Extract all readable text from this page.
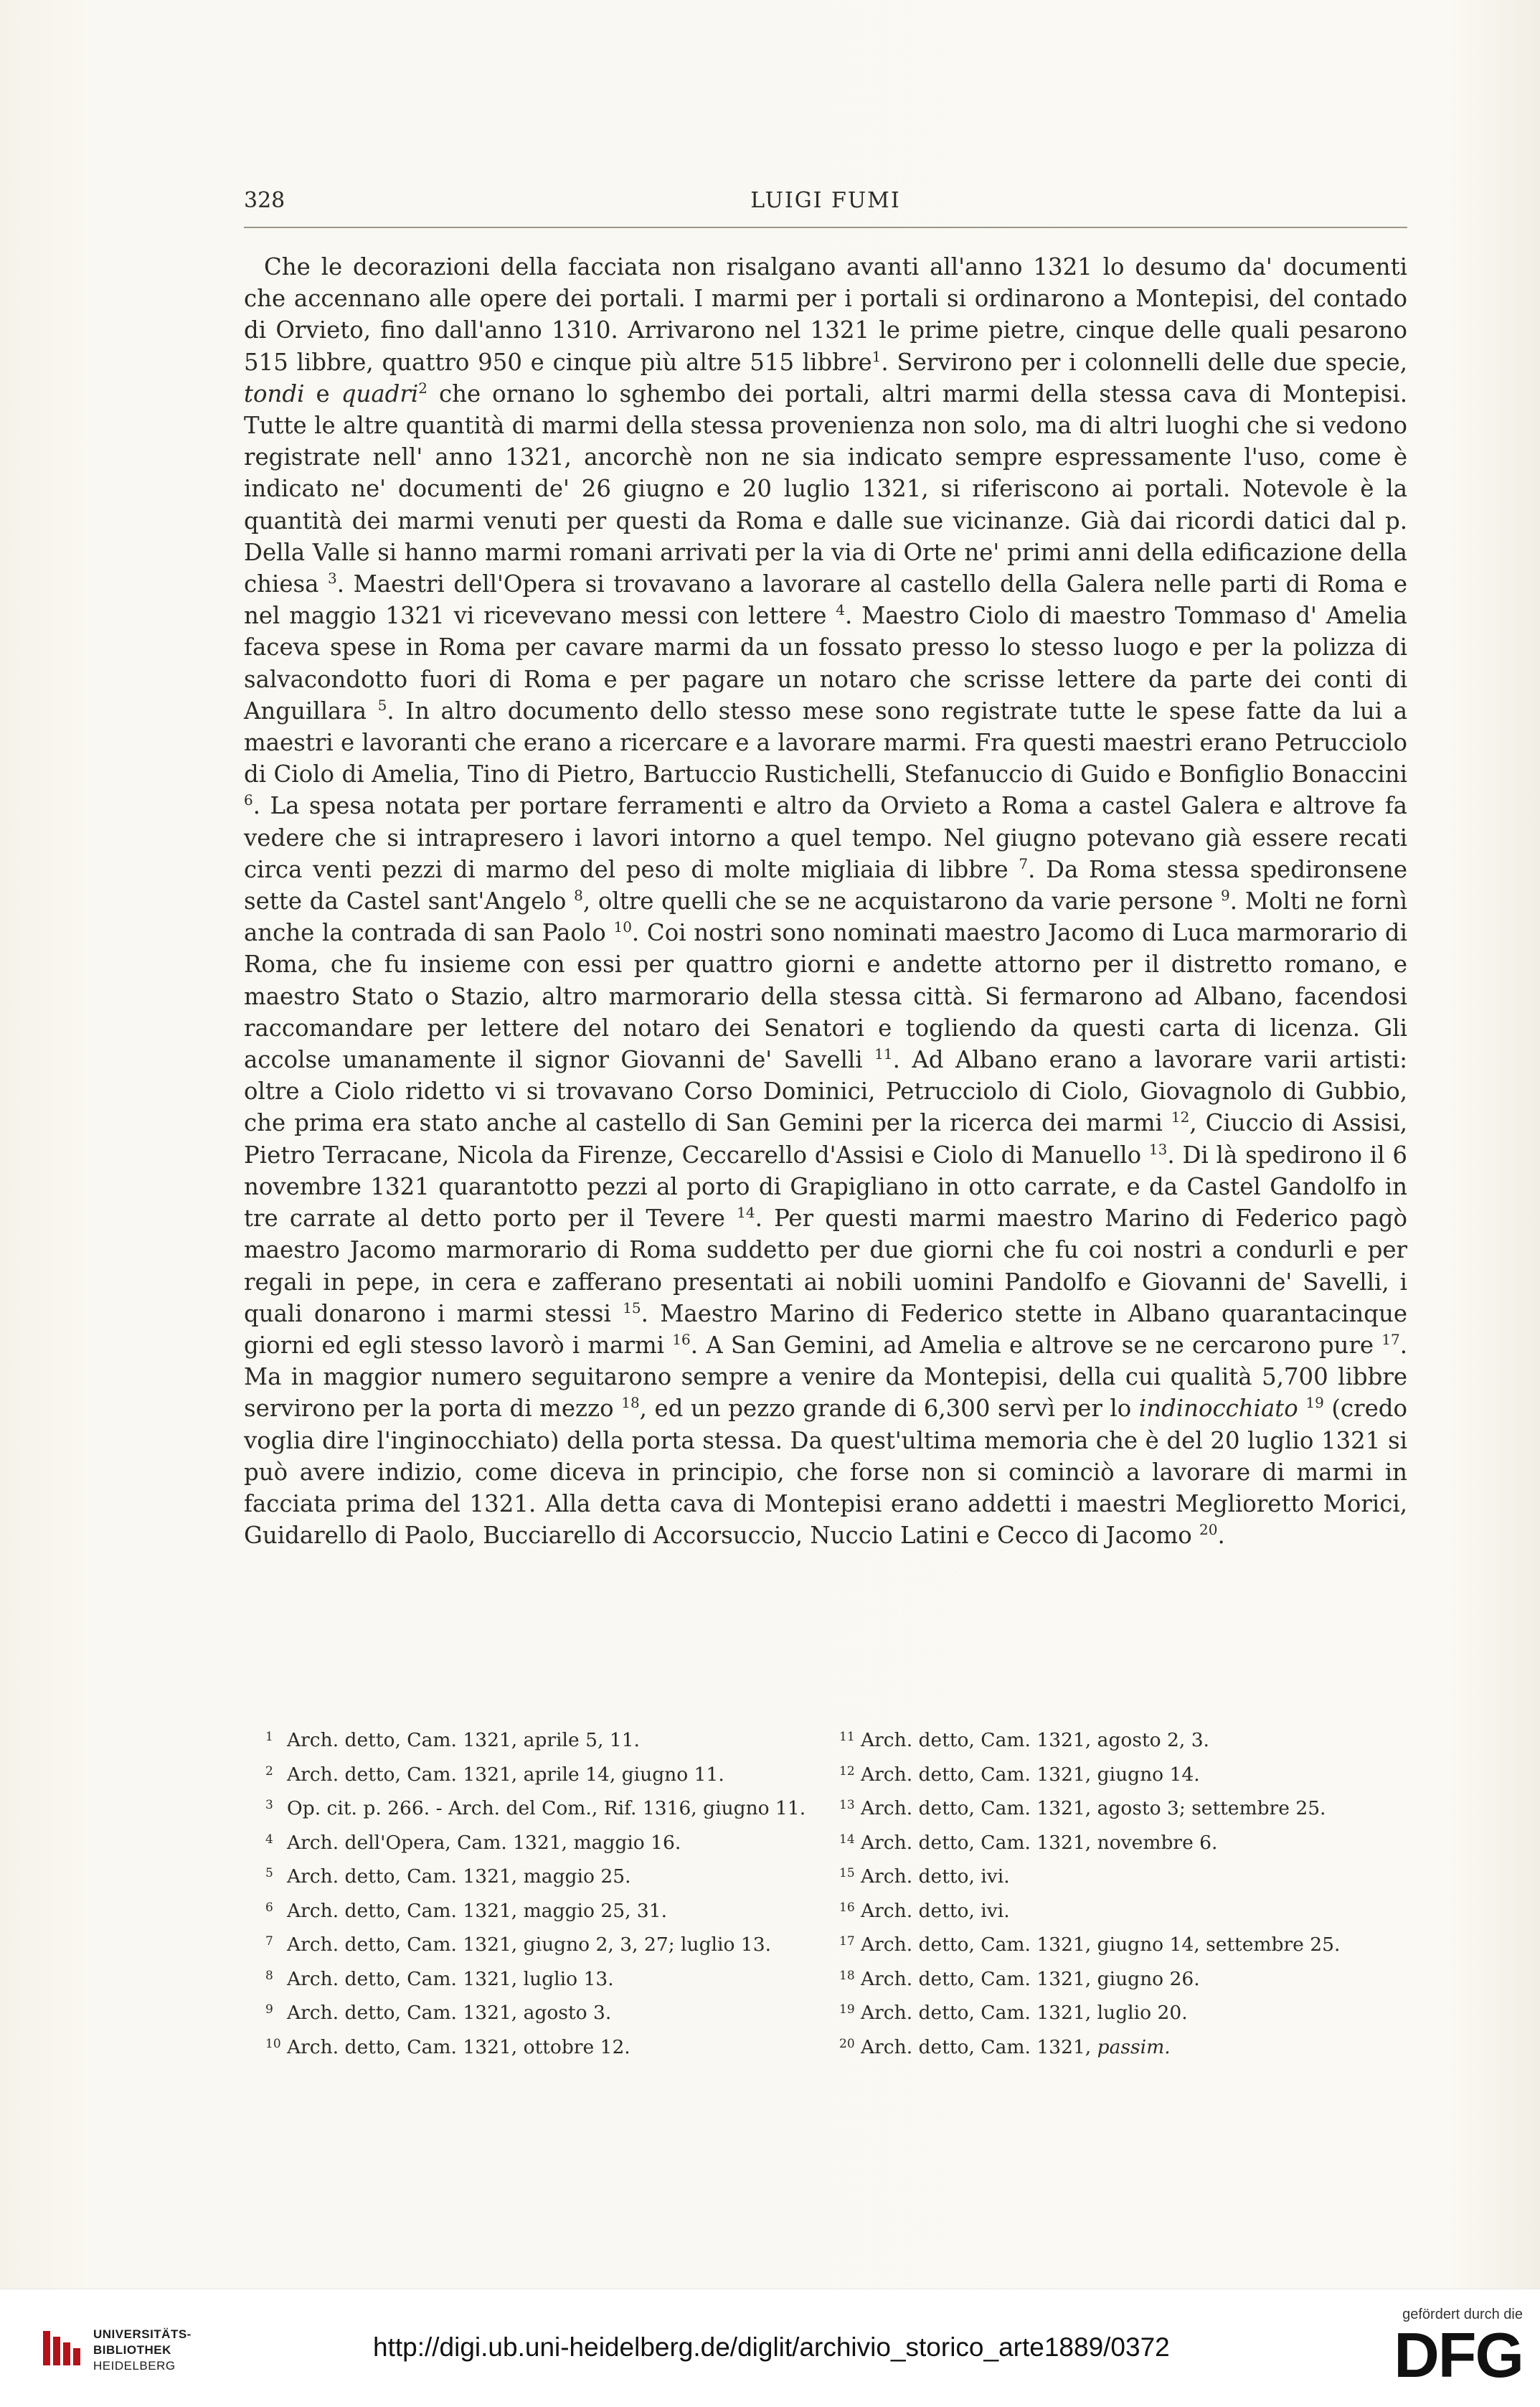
328	LUIGI FUMI

Che le decorazioni della facciata non risalgano avanti all'anno 1321 lo desumo da' documenti che accennano alle opere dei portali. I marmi per i portali si ordinarono a Montepisi, del contado di Orvieto, fino dall'anno 1310. Arrivarono nel 1321 le prime pietre, cinque delle quali pesarono 515 libbre, quattro 950 e cinque più altre 515 libbre$^1$. Servirono per i colonnelli delle due specie, tondi e quadri$^2$ che ornano lo sghembo dei portali, altri marmi della stessa cava di Montepisi. Tutte le altre quantità di marmi della stessa provenienza non solo, ma di altri luoghi che si vedono registrate nell' anno 1321, ancorchè non ne sia indicato sempre espressamente l'uso, come è indicato ne' documenti de' 26 giugno e 20 luglio 1321, si riferiscono ai portali. Notevole è la quantità dei marmi venuti per questi da Roma e dalle sue vicinanze. Già dai ricordi datici dal p. Della Valle si hanno marmi romani arrivati per la via di Orte ne' primi anni della edificazione della chiesa $^3$. Maestri dell'Opera si trovavano a lavorare al castello della Galera nelle parti di Roma e nel maggio 1321 vi ricevevano messi con lettere $^4$. Maestro Ciolo di maestro Tommaso d' Amelia faceva spese in Roma per cavare marmi da un fossato presso lo stesso luogo e per la polizza di salvacondotto fuori di Roma e per pagare un notaro che scrisse lettere da parte dei conti di Anguillara $^5$. In altro documento dello stesso mese sono registrate tutte le spese fatte da lui a maestri e lavoranti che erano a ricercare e a lavorare marmi. Fra questi maestri erano Petrucciolo di Ciolo di Amelia, Tino di Pietro, Bartuccio Rustichelli, Stefanuccio di Guido e Bonfiglio Bonaccini $^6$. La spesa notata per portare ferramenti e altro da Orvieto a Roma a castel Galera e altrove fa vedere che si intrapresero i lavori intorno a quel tempo. Nel giugno potevano già essere recati circa venti pezzi di marmo del peso di molte migliaia di libbre $^7$. Da Roma stessa spedironsene sette da Castel sant'Angelo $^8$, oltre quelli che se ne acquistarono da varie persone $^9$. Molti ne fornì anche la contrada di san Paolo $^{10}$. Coi nostri sono nominati maestro Jacomo di Luca marmorario di Roma, che fu insieme con essi per quattro giorni e andette attorno per il distretto romano, e maestro Stato o Stazio, altro marmorario della stessa città. Si fermarono ad Albano, facendosi raccomandare per lettere del notaro dei Senatori e togliendo da questi carta di licenza. Gli accolse umanamente il signor Giovanni de' Savelli $^{11}$. Ad Albano erano a lavorare varii artisti: oltre a Ciolo ridetto vi si trovavano Corso Dominici, Petrucciolo di Ciolo, Giovagnolo di Gubbio, che prima era stato anche al castello di San Gemini per la ricerca dei marmi $^{12}$, Ciuccio di Assisi, Pietro Terracane, Nicola da Firenze, Ceccarello d'Assisi e Ciolo di Manuello $^{13}$. Di là spedirono il 6 novembre 1321 quarantotto pezzi al porto di Grapigliano in otto carrate, e da Castel Gandolfo in tre carrate al detto porto per il Tevere $^{14}$. Per questi marmi maestro Marino di Federico pagò maestro Jacomo marmorario di Roma suddetto per due giorni che fu coi nostri a condurli e per regali in pepe, in cera e zafferano presentati ai nobili uomini Pandolfo e Giovanni de' Savelli, i quali donarono i marmi stessi $^{15}$. Maestro Marino di Federico stette in Albano quarantacinque giorni ed egli stesso lavorò i marmi $^{16}$. A San Gemini, ad Amelia e altrove se ne cercarono pure $^{17}$. Ma in maggior numero seguitarono sempre a venire da Montepisi, della cui qualità 5,700 libbre servirono per la porta di mezzo $^{18}$, ed un pezzo grande di 6,300 servì per lo indinocchiato $^{19}$ (credo voglia dire l'inginocchiato) della porta stessa. Da quest'ultima memoria che è del 20 luglio 1321 si può avere indizio, come diceva in principio, che forse non si cominciò a lavorare di marmi in facciata prima del 1321. Alla detta cava di Montepisi erano addetti i maestri Meglioretto Morici, Guidarello di Paolo, Bucciarello di Accorsuccio, Nuccio Latini e Cecco di Jacomo $^{20}$.

1 Arch. detto, Cam. 1321, aprile 5, 11.
2 Arch. detto, Cam. 1321, aprile 14, giugno 11.
3 Op. cit. p. 266. - Arch. del Com., Rif. 1316, giugno 11.
4 Arch. dell'Opera, Cam. 1321, maggio 16.
5 Arch. detto, Cam. 1321, maggio 25.
6 Arch. detto, Cam. 1321, maggio 25, 31.
7 Arch. detto, Cam. 1321, giugno 2, 3, 27; luglio 13.
8 Arch. detto, Cam. 1321, luglio 13.
9 Arch. detto, Cam. 1321, agosto 3.
10 Arch. detto, Cam. 1321, ottobre 12.
11 Arch. detto, Cam. 1321, agosto 2, 3.
12 Arch. detto, Cam. 1321, giugno 14.
13 Arch. detto, Cam. 1321, agosto 3; settembre 25.
14 Arch. detto, Cam. 1321, novembre 6.
15 Arch. detto, ivi.
16 Arch. detto, ivi.
17 Arch. detto, Cam. 1321, giugno 14, settembre 25.
18 Arch. detto, Cam. 1321, giugno 26.
19 Arch. detto, Cam. 1321, luglio 20.
20 Arch. detto, Cam. 1321, passim.
UNIVERSITÄTS-
BIBLIOTHEK
HEIDELBERG
http://digi.ub.uni-heidelberg.de/diglit/archivio_storico_arte1889/0372
gefördert durch die
DFG
